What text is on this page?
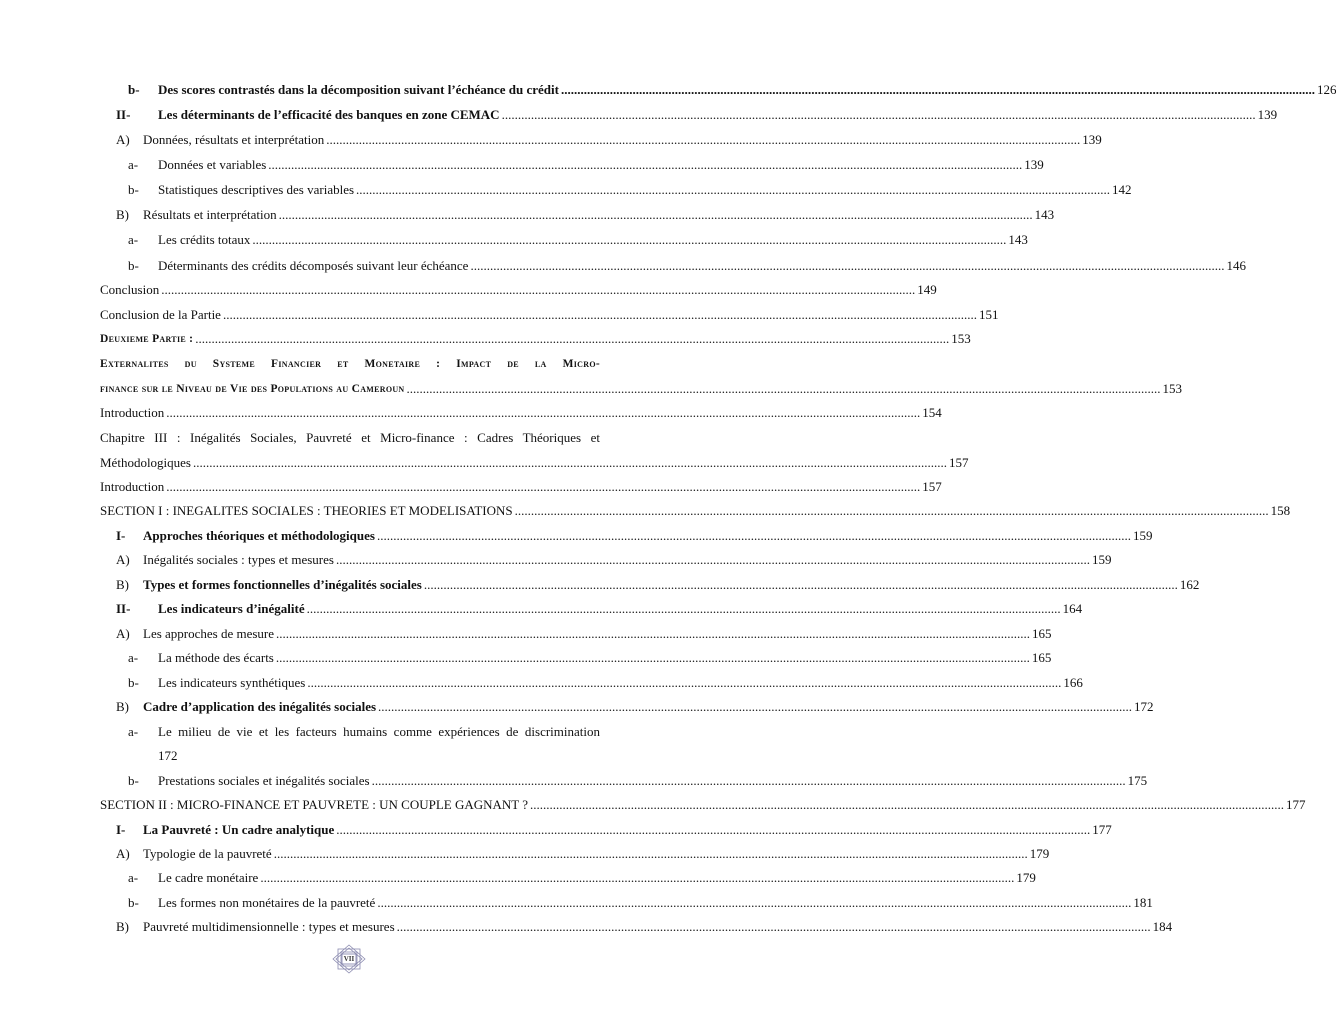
b-	Des scores contrastés dans la décomposition suivant l’échéance du crédit .....	126
II-	Les déterminants de l’efficacité des banques en zone CEMAC .....	139
A)	Données, résultats et interprétation .....	139
a-	Données et variables .....	139
b-	Statistiques descriptives des variables .....	142
B)	Résultats et interprétation .....	143
a-	Les crédits totaux .....	143
b-	Déterminants des crédits décomposés suivant leur échéance .....	146
Conclusion .....	149
Conclusion de la Partie .....	151
Deuxieme Partie : .....	153
Externalites du Systeme Financier et Monetaire : Impact de la Micro-
finance sur le Niveau de Vie des Populations au Cameroun .....	153
Introduction .....	154
Chapitre III : Inégalités Sociales, Pauvreté et Micro-finance : Cadres Théoriques et
Méthodologiques .....	157
Introduction .....	157
SECTION I : INEGALITES SOCIALES : THEORIES ET MODELISATIONS .....	158
I-	Approches théoriques et méthodologiques .....	159
A)	Inégalités sociales : types et mesures .....	159
B)	Types et formes fonctionnelles d’inégalités sociales .....	162
II-	Les indicateurs d’inégalité .....	164
A)	Les approches de mesure .....	165
a-	La méthode des écarts .....	165
b-	Les indicateurs synthétiques .....	166
B)	Cadre d’application des inégalités sociales .....	172
a-	Le milieu de vie et les facteurs humains comme expériences de discrimination
172
b-	Prestations sociales et inégalités sociales .....	175
SECTION II : MICRO-FINANCE ET PAUVRETE : UN COUPLE GAGNANT ? .....	177
I-	La Pauvreté : Un cadre analytique .....	177
A)	Typologie de la pauvreté .....	179
a-	Le cadre monétaire .....	179
b-	Les formes non monétaires de la pauvreté .....	181
B)	Pauvreté multidimensionnelle : types et mesures .....	184
VII
